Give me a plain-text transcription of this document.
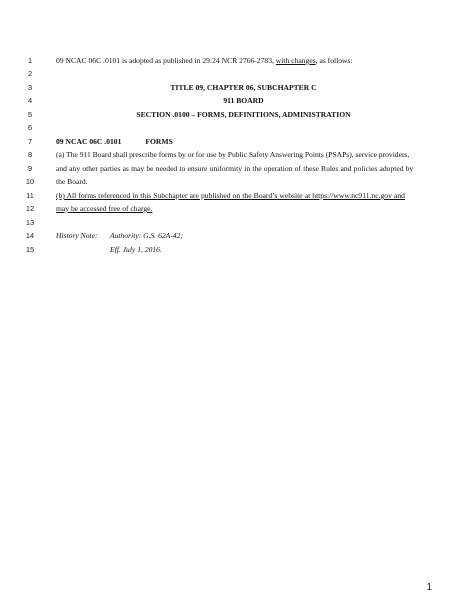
1	09 NCAC 06C .0101 is adopted as published in 29:24 NCR 2766-2783, with changes, as follows:
2
3	TITLE 09, CHAPTER 06, SUBCHAPTER C
4	911 BOARD
5	SECTION .0100 – FORMS, DEFINITIONS, ADMINISTRATION
6
7	09 NCAC 06C .0101	FORMS
8	(a) The 911 Board shall prescribe forms by or for use by Public Safety Answering Points (PSAPs), service providers,
9	and any other parties as may be needed to ensure uniformity in the operation of these Rules and policies adopted by
10	the Board.
11	(b) All forms referenced in this Subchapter are published on the Board’s website at https://www.nc911.nc.gov and
12	may be accessed free of charge.
13
14	History Note: Authority: G.S. 62A-42;
15	Eff. July 1, 2016.
1
